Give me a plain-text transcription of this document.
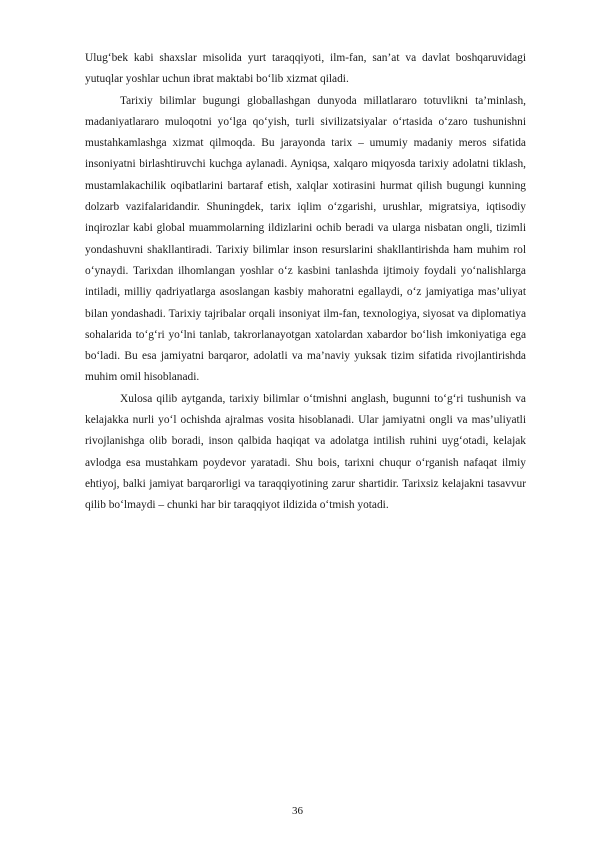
Ulug‘bek kabi shaxslar misolida yurt taraqqiyoti, ilm-fan, san’at va davlat boshqaruvidagi yutuqlar yoshlar uchun ibrat maktabi bo‘lib xizmat qiladi.

Tarixiy bilimlar bugungi globallashgan dunyoda millatlararo totuvlikni ta’minlash, madaniyatlararo muloqotni yo‘lga qo‘yish, turli sivilizatsiyalar o‘rtasida o‘zaro tushunishni mustahkamlashga xizmat qilmoqda. Bu jarayonda tarix – umumiy madaniy meros sifatida insoniyatni birlashtiruvchi kuchga aylanadi. Ayniqsa, xalqaro miqyosda tarixiy adolatni tiklash, mustamlakachilik oqibatlarini bartaraf etish, xalqlar xotirasini hurmat qilish bugungi kunning dolzarb vazifalaridandir. Shuningdek, tarix iqlim o‘zgarishi, urushlar, migratsiya, iqtisodiy inqirozlar kabi global muammolarning ildizlarini ochib beradi va ularga nisbatan ongli, tizimli yondashuvni shakllantiradi. Tarixiy bilimlar inson resurslarini shakllantirishda ham muhim rol o‘ynaydi. Tarixdan ilhomlangan yoshlar o‘z kasbini tanlashda ijtimoiy foydali yo‘nalishlarga intiladi, milliy qadriyatlarga asoslangan kasbiy mahoratni egallaydi, o‘z jamiyatiga mas’uliyat bilan yondashadi. Tarixiy tajribalar orqali insoniyat ilm-fan, texnologiya, siyosat va diplomatiya sohalarida to‘g‘ri yo‘lni tanlab, takrorlanayotgan xatolardan xabardor bo‘lish imkoniyatiga ega bo‘ladi. Bu esa jamiyatni barqaror, adolatli va ma’naviy yuksak tizim sifatida rivojlantirishda muhim omil hisoblanadi.

Xulosa qilib aytganda, tarixiy bilimlar o‘tmishni anglash, bugunni to‘g‘ri tushunish va kelajakka nurli yo‘l ochishda ajralmas vosita hisoblanadi. Ular jamiyatni ongli va mas’uliyatli rivojlanishga olib boradi, inson qalbida haqiqat va adolatga intilish ruhini uyg‘otadi, kelajak avlodga esa mustahkam poydevor yaratadi. Shu bois, tarixni chuqur o‘rganish nafaqat ilmiy ehtiyoj, balki jamiyat barqarorligi va taraqqiyotining zarur shartidir. Tarixsiz kelajakni tasavvur qilib bo‘lmaydi – chunki har bir taraqqiyot ildizida o‘tmish yotadi.

36
